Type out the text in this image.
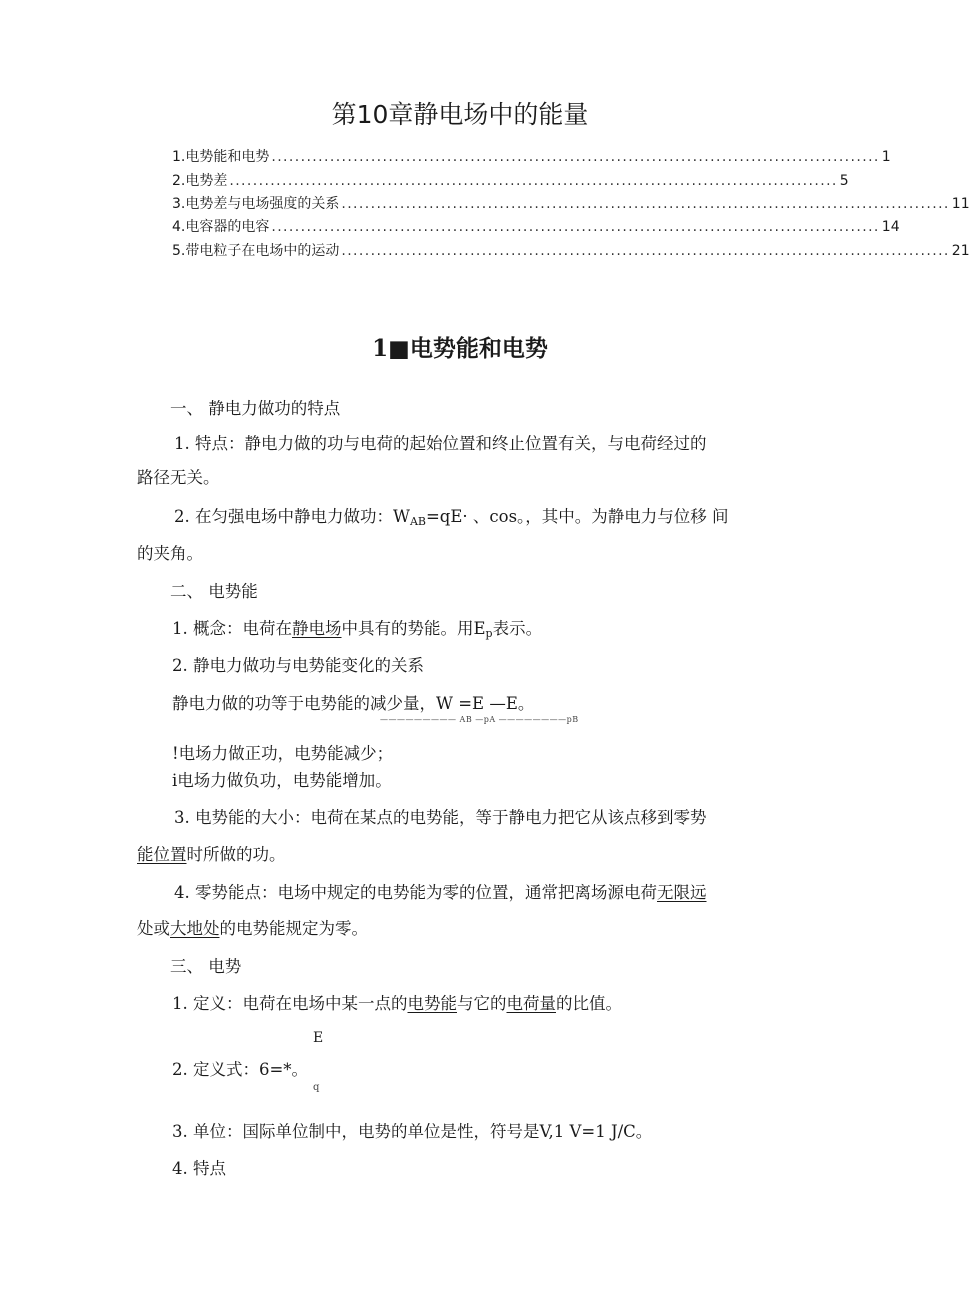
第10章静电场中的能量
1. 电势能和电势 ........................................................................................................ 1
2. 电势差 ........................................................................................................ 5
3. 电势差与电场强度的关系 ........................................................................................................ 11
4. 电容器的电容 ........................................................................................................ 14
5. 带电粒子在电场中的运动 ........................................................................................................ 21
1■电势能和电势
一、 静电力做功的特点
1. 特点：静电力做的功与电荷的起始位置和终止位置有关，与电荷经过的
路径无关。
2. 在匀强电场中静电力做功：$W_{AB}=qE\cdot$ 、cos。，其中。为静电力与位移 间
的夹角。
二、 电势能
1. 概念：电荷在静电场中具有的势能。用$E_p$表示。
2. 静电力做功与电势能变化的关系
静电力做的功等于电势能的减少量，W =E —E。
————————— AB —pA ————————pB
!电场力做正功，电势能减少；
i电场力做负功，电势能增加。
3. 电势能的大小：电荷在某点的电势能，等于静电力把它从该点移到零势
能位置时所做的功。
4. 零势能点：电场中规定的电势能为零的位置，通常把离场源电荷无限远
处或大地处的电势能规定为零。
三、 电势
1. 定义：电荷在电场中某一点的电势能与它的电荷量的比值。
E
2. 定义式：6=*。
q
3. 单位：国际单位制中，电势的单位是性，符号是V,1 V=1 J/C。
4. 特点
